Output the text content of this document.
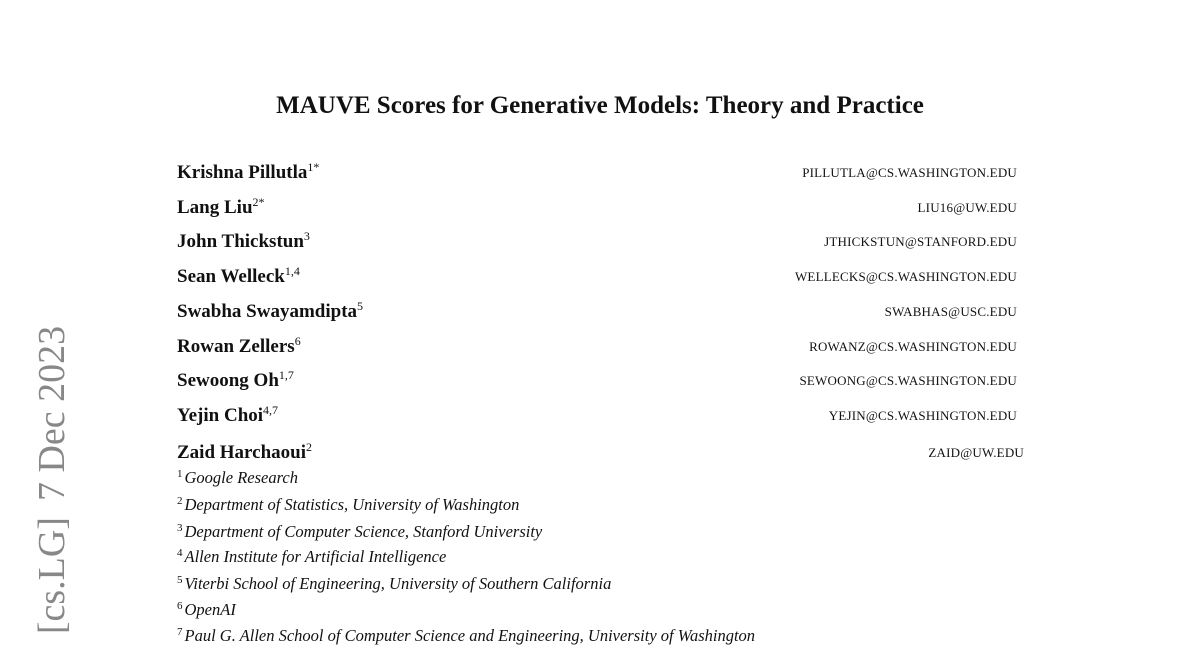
[cs.LG]7 Dec 2023
MAUVE Scores for Generative Models: Theory and Practice
Krishna Pillutla$^{1*}$	PILLUTLA@CS.WASHINGTON.EDU
Lang Liu$^{2*}$	LIU16@UW.EDU
John Thickstun$^3$	JTHICKSTUN@STANFORD.EDU
Sean Welleck$^{1,4}$	WELLECKS@CS.WASHINGTON.EDU
Swabha Swayamdipta$^5$	SWABHAS@USC.EDU
Rowan Zellers$^6$	ROWANZ@CS.WASHINGTON.EDU
Sewoong Oh$^{1,7}$	SEWOONG@CS.WASHINGTON.EDU
Yejin Choi$^{4,7}$	YEJIN@CS.WASHINGTON.EDU
Zaid Harchaoui$^2$	ZAID@UW.EDU
$^1$ Google Research
$^2$ Department of Statistics, University of Washington
$^3$ Department of Computer Science, Stanford University
$^4$ Allen Institute for Artificial Intelligence
$^5$ Viterbi School of Engineering, University of Southern California
$^6$ OpenAI
$^7$ Paul G. Allen School of Computer Science and Engineering, University of Washington
